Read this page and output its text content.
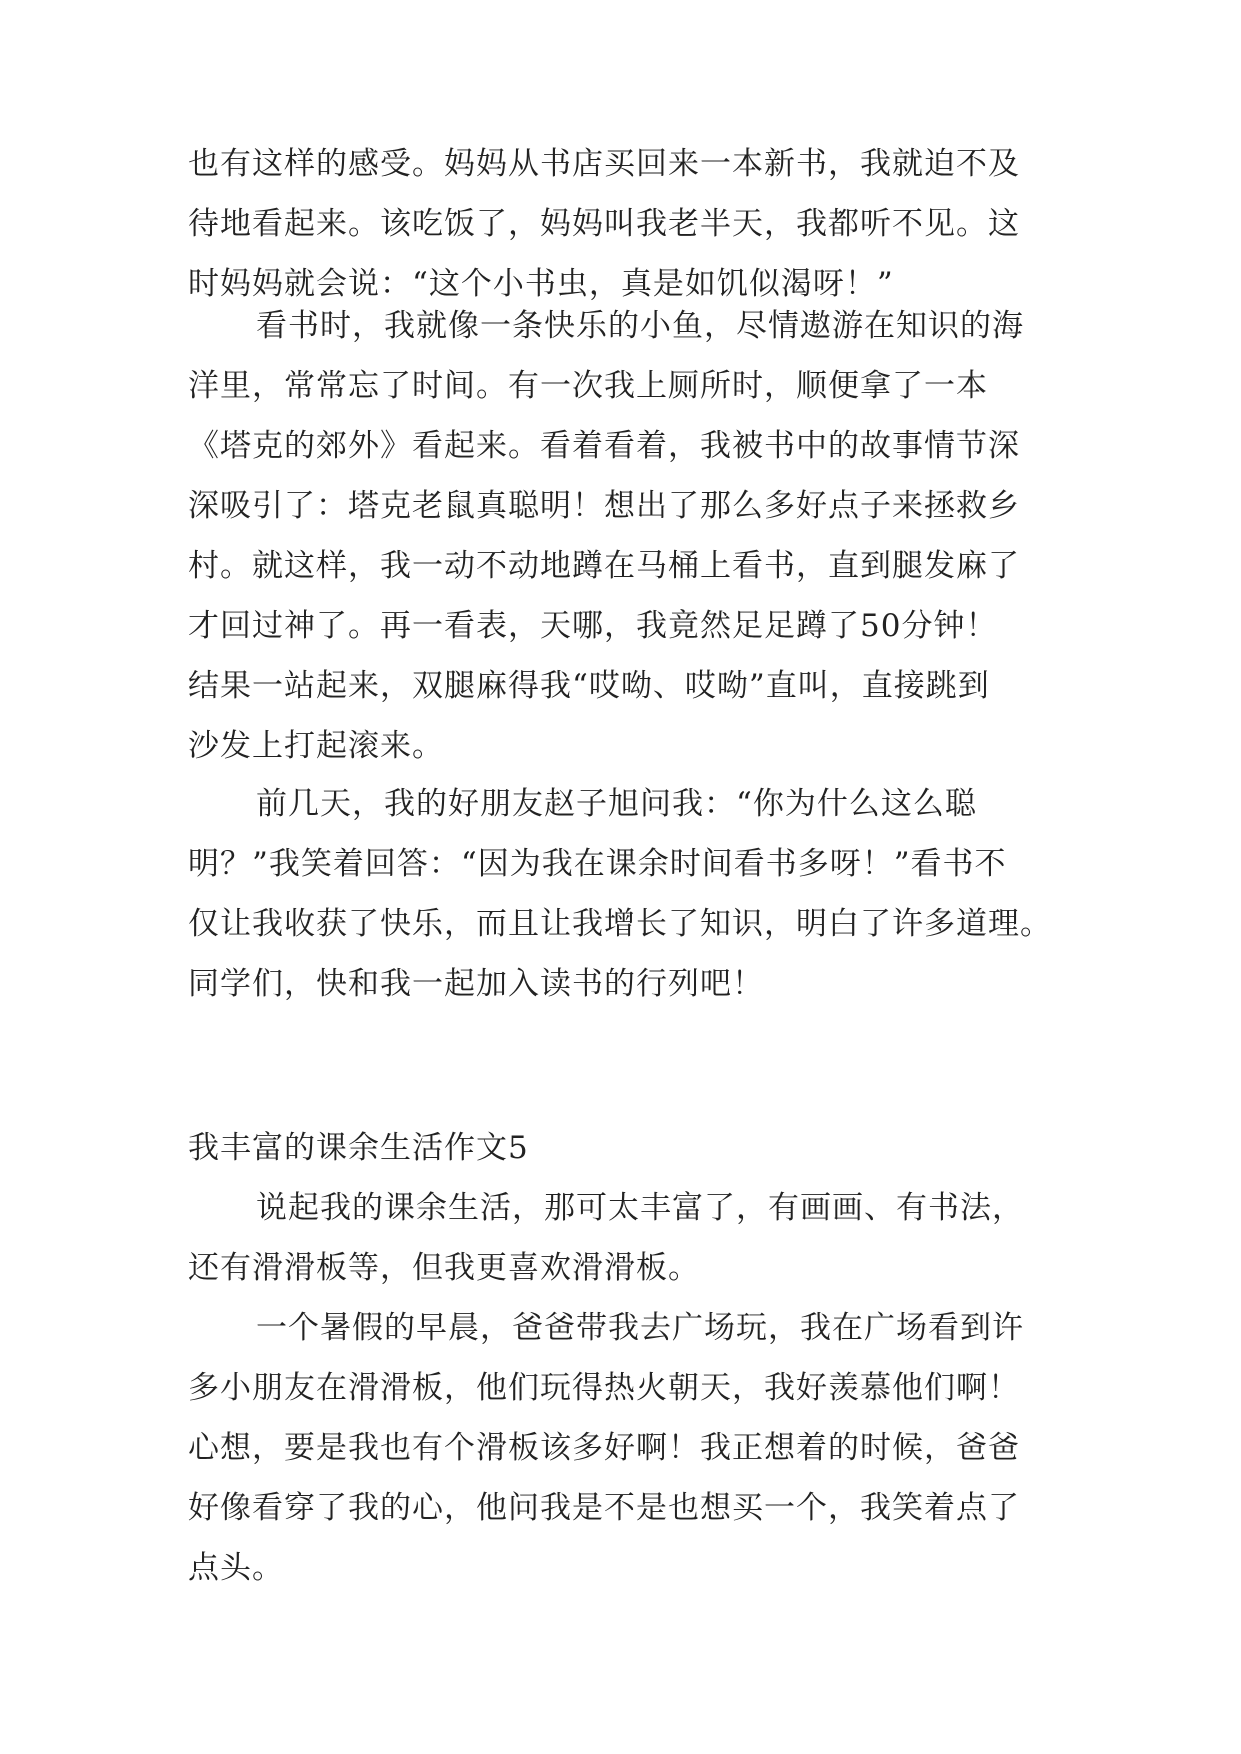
也有这样的感受。妈妈从书店买回来一本新书，我就迫不及
待地看起来。该吃饭了，妈妈叫我老半天，我都听不见。这
时妈妈就会说：“这个小书虫，真是如饥似渴呀！”
看书时，我就像一条快乐的小鱼，尽情遨游在知识的海
洋里，常常忘了时间。有一次我上厕所时，顺便拿了一本
《塔克的郊外》看起来。看着看着，我被书中的故事情节深
深吸引了：塔克老鼠真聪明！想出了那么多好点子来拯救乡
村。就这样，我一动不动地蹲在马桶上看书，直到腿发麻了
才回过神了。再一看表，天哪，我竟然足足蹲了50分钟！
结果一站起来，双腿麻得我“哎呦、哎呦”直叫，直接跳到
沙发上打起滚来。
前几天，我的好朋友赵子旭问我：“你为什么这么聪
明？”我笑着回答：“因为我在课余时间看书多呀！”看书不
仅让我收获了快乐，而且让我增长了知识，明白了许多道理。
同学们，快和我一起加入读书的行列吧！
我丰富的课余生活作文5
说起我的课余生活，那可太丰富了，有画画、有书法，
还有滑滑板等，但我更喜欢滑滑板。
一个暑假的早晨，爸爸带我去广场玩，我在广场看到许
多小朋友在滑滑板，他们玩得热火朝天，我好羡慕他们啊！
心想，要是我也有个滑板该多好啊！我正想着的时候，爸爸
好像看穿了我的心，他问我是不是也想买一个，我笑着点了
点头。
